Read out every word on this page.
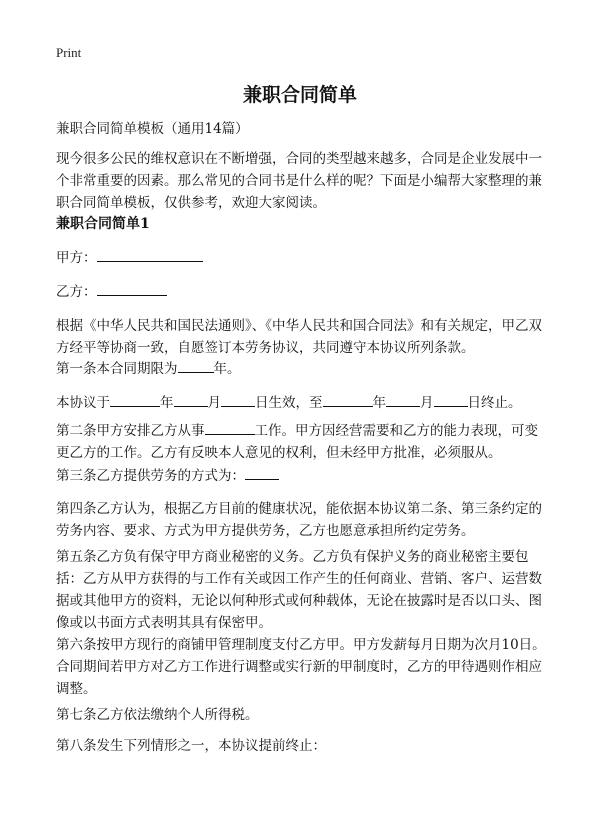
Print
兼职合同简单

兼职合同简单模板（通用14篇）

现今很多公民的维权意识在不断增强，合同的类型越来越多，合同是企业发展中一个非常重要的因素。那么常见的合同书是什么样的呢？下面是小编帮大家整理的兼职合同简单模板，仅供参考，欢迎大家阅读。

兼职合同简单1

甲方：

乙方：

根据《中华人民共和国民法通则》、《中华人民共和国合同法》和有关规定，甲乙双方经平等协商一致，自愿签订本劳务协议，共同遵守本协议所列条款。

第一条本合同期限为	年。

本协议于	年	月	日生效，至	年	月	日终止。

第二条甲方安排乙方从事	工作。甲方因经营需要和乙方的能力表现，可变更乙方的工作。乙方有反映本人意见的权利，但未经甲方批准，必须服从。

第三条乙方提供劳务的方式为：

第四条乙方认为，根据乙方目前的健康状况，能依据本协议第二条、第三条约定的劳务内容、要求、方式为甲方提供劳务，乙方也愿意承担所约定劳务。

第五条乙方负有保守甲方商业秘密的义务。乙方负有保护义务的商业秘密主要包括：乙方从甲方获得的与工作有关或因工作产生的任何商业、营销、客户、运营数据或其他甲方的资料，无论以何种形式或何种载体，无论在披露时是否以口头、图像或以书面方式表明其具有保密甲。

第六条按甲方现行的商铺甲管理制度支付乙方甲。甲方发薪每月日期为次月10日。合同期间若甲方对乙方工作进行调整或实行新的甲制度时，乙方的甲待遇则作相应调整。

第七条乙方依法缴纳个人所得税。

第八条发生下列情形之一，本协议提前终止：
